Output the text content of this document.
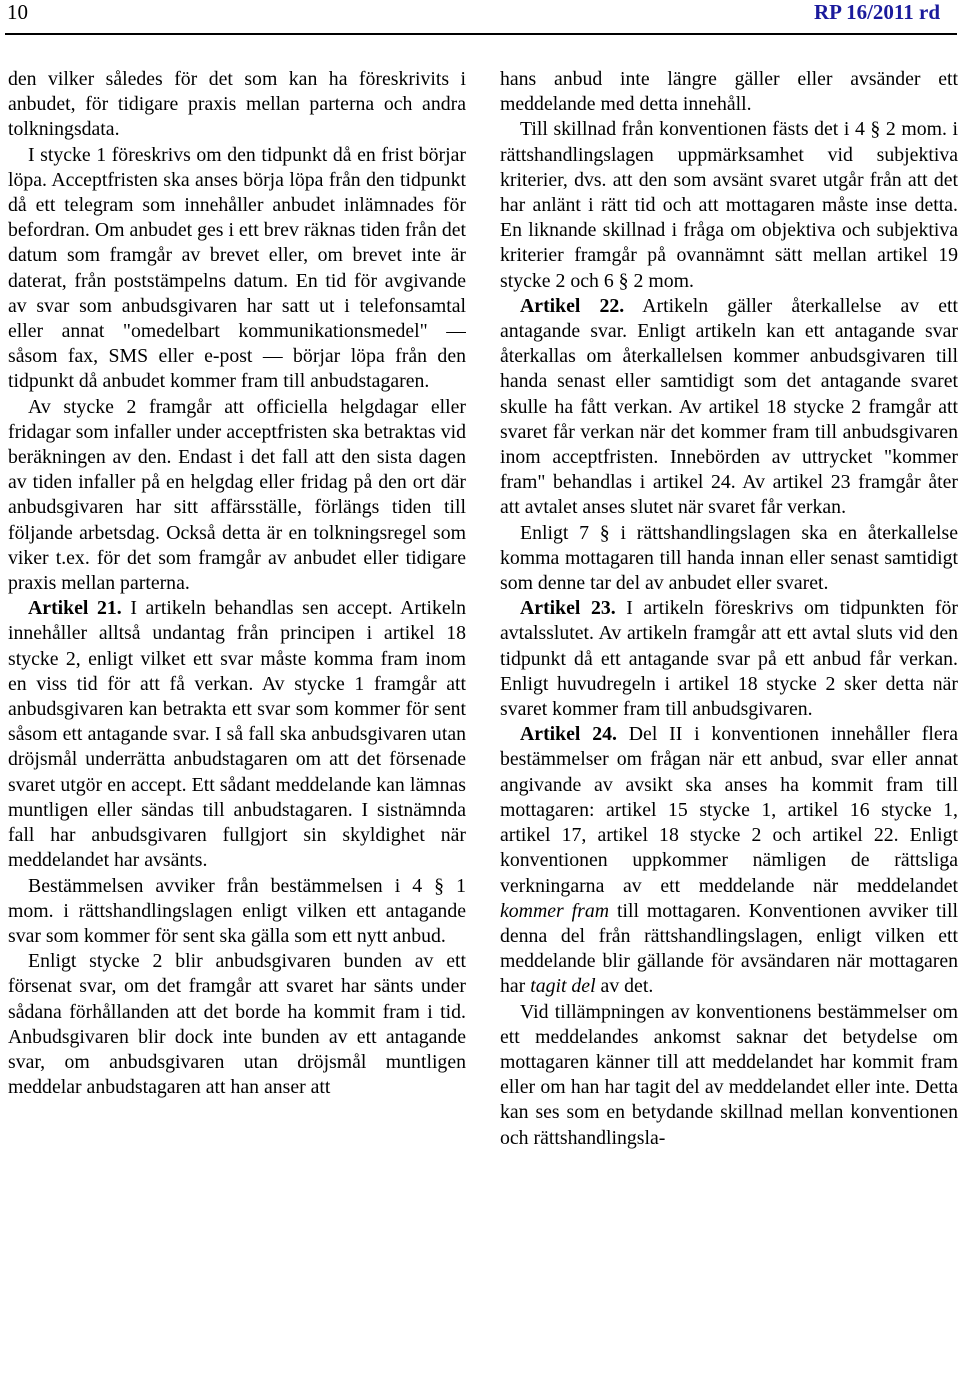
10	RP 16/2011 rd

den vilker således för det som kan ha föreskrivits i anbudet, för tidigare praxis mellan parterna och andra tolkningsdata.

I stycke 1 föreskrivs om den tidpunkt då en frist börjar löpa. Acceptfristen ska anses börja löpa från den tidpunkt då ett telegram som innehåller anbudet inlämnades för befordran. Om anbudet ges i ett brev räknas tiden från det datum som framgår av brevet eller, om brevet inte är daterat, från poststämpelns datum. En tid för avgivande av svar som anbudsgivaren har satt ut i telefonsamtal eller annat "omedelbart kommunikationsmedel" — såsom fax, SMS eller e-post — börjar löpa från den tidpunkt då anbudet kommer fram till anbudstagaren.

Av stycke 2 framgår att officiella helgdagar eller fridagar som infaller under acceptfristen ska betraktas vid beräkningen av den. Endast i det fall att den sista dagen av tiden infaller på en helgdag eller fridag på den ort där anbudsgivaren har sitt affärsställe, förlängs tiden till följande arbetsdag. Också detta är en tolkningsregel som viker t.ex. för det som framgår av anbudet eller tidigare praxis mellan parterna.

Artikel 21. I artikeln behandlas sen accept. Artikeln innehåller alltså undantag från principen i artikel 18 stycke 2, enligt vilket ett svar måste komma fram inom en viss tid för att få verkan. Av stycke 1 framgår att anbudsgivaren kan betrakta ett svar som kommer för sent såsom ett antagande svar. I så fall ska anbudsgivaren utan dröjsmål underrätta anbudstagaren om att det försenade svaret utgör en accept. Ett sådant meddelande kan lämnas muntligen eller sändas till anbudstagaren. I sistnämnda fall har anbudsgivaren fullgjort sin skyldighet när meddelandet har avsänts.

Bestämmelsen avviker från bestämmelsen i 4 § 1 mom. i rättshandlingslagen enligt vilken ett antagande svar som kommer för sent ska gälla som ett nytt anbud.

Enligt stycke 2 blir anbudsgivaren bunden av ett försenat svar, om det framgår att svaret har sänts under sådana förhållanden att det borde ha kommit fram i tid. Anbudsgivaren blir dock inte bunden av ett antagande svar, om anbudsgivaren utan dröjsmål muntligen meddelar anbudstagaren att han anser att

hans anbud inte längre gäller eller avsänder ett meddelande med detta innehåll.

Till skillnad från konventionen fästs det i 4 § 2 mom. i rättshandlingslagen uppmärksamhet vid subjektiva kriterier, dvs. att den som avsänt svaret utgår från att det har anlänt i rätt tid och att mottagaren måste inse detta. En liknande skillnad i fråga om objektiva och subjektiva kriterier framgår på ovannämnt sätt mellan artikel 19 stycke 2 och 6 § 2 mom.

Artikel 22. Artikeln gäller återkallelse av ett antagande svar. Enligt artikeln kan ett antagande svar återkallas om återkallelsen kommer anbudsgivaren till handa senast eller samtidigt som det antagande svaret skulle ha fått verkan. Av artikel 18 stycke 2 framgår att svaret får verkan när det kommer fram till anbudsgivaren inom acceptfristen. Innebörden av uttrycket "kommer fram" behandlas i artikel 24. Av artikel 23 framgår åter att avtalet anses slutet när svaret får verkan.

Enligt 7 § i rättshandlingslagen ska en återkallelse komma mottagaren till handa innan eller senast samtidigt som denne tar del av anbudet eller svaret.

Artikel 23. I artikeln föreskrivs om tidpunkten för avtalsslutet. Av artikeln framgår att ett avtal sluts vid den tidpunkt då ett antagande svar på ett anbud får verkan. Enligt huvudregeln i artikel 18 stycke 2 sker detta när svaret kommer fram till anbudsgivaren.

Artikel 24. Del II i konventionen innehåller flera bestämmelser om frågan när ett anbud, svar eller annat angivande av avsikt ska anses ha kommit fram till mottagaren: artikel 15 stycke 1, artikel 16 stycke 1, artikel 17, artikel 18 stycke 2 och artikel 22. Enligt konventionen uppkommer nämligen de rättsliga verkningarna av ett meddelande när meddelandet kommer fram till mottagaren. Konventionen avviker till denna del från rättshandlingslagen, enligt vilken ett meddelande blir gällande för avsändaren när mottagaren har tagit del av det.

Vid tillämpningen av konventionens bestämmelser om ett meddelandes ankomst saknar det betydelse om mottagaren känner till att meddelandet har kommit fram eller om han har tagit del av meddelandet eller inte. Detta kan ses som en betydande skillnad mellan konventionen och rättshandlingsla-
